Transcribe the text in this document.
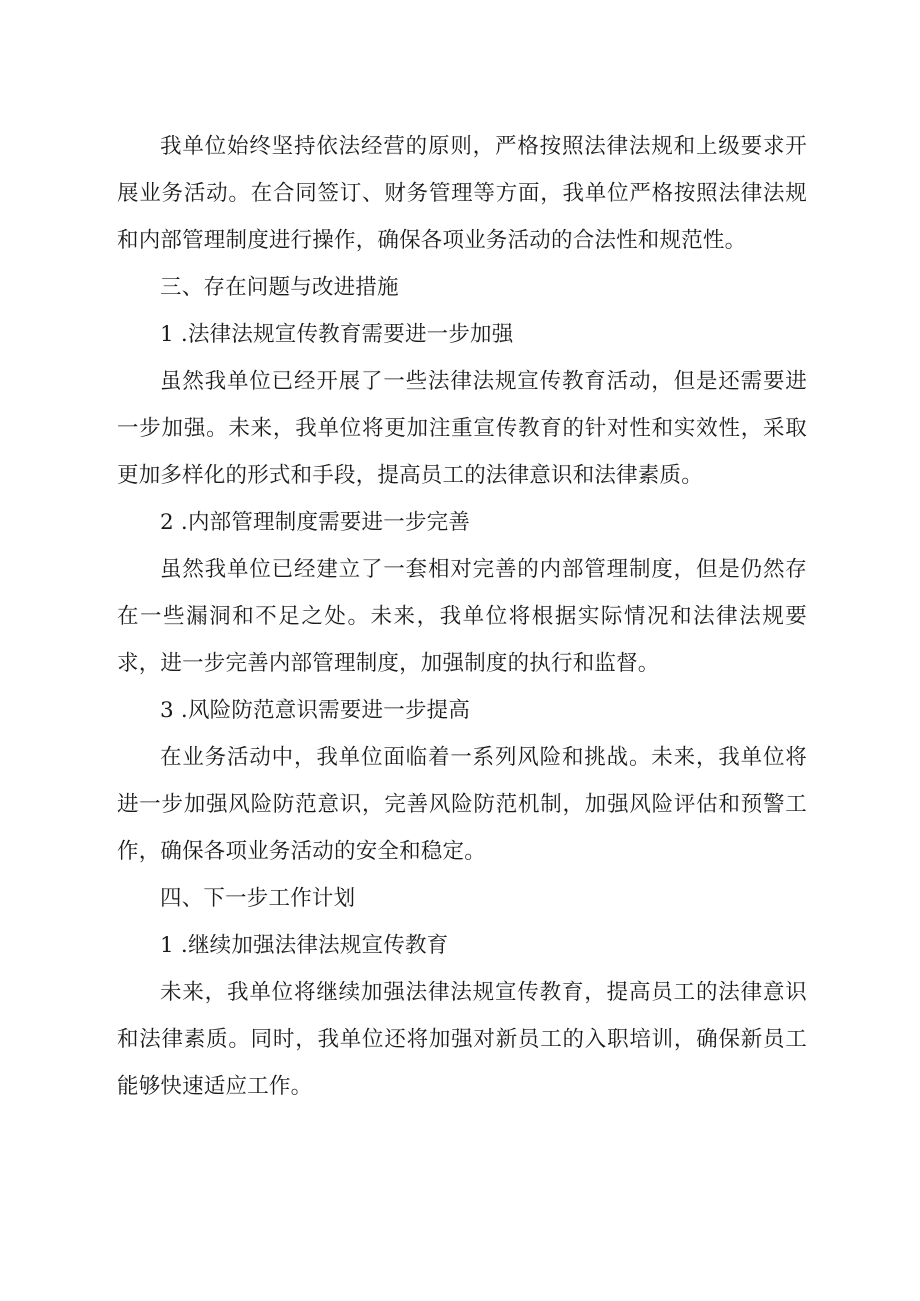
我单位始终坚持依法经营的原则，严格按照法律法规和上级要求开展业务活动。在合同签订、财务管理等方面，我单位严格按照法律法规和内部管理制度进行操作，确保各项业务活动的合法性和规范性。

三、存在问题与改进措施

1 .法律法规宣传教育需要进一步加强

虽然我单位已经开展了一些法律法规宣传教育活动，但是还需要进一步加强。未来，我单位将更加注重宣传教育的针对性和实效性，采取更加多样化的形式和手段，提高员工的法律意识和法律素质。

2 .内部管理制度需要进一步完善

虽然我单位已经建立了一套相对完善的内部管理制度，但是仍然存在一些漏洞和不足之处。未来，我单位将根据实际情况和法律法规要求，进一步完善内部管理制度，加强制度的执行和监督。

3 .风险防范意识需要进一步提高

在业务活动中，我单位面临着一系列风险和挑战。未来，我单位将进一步加强风险防范意识，完善风险防范机制，加强风险评估和预警工作，确保各项业务活动的安全和稳定。

四、下一步工作计划

1 .继续加强法律法规宣传教育

未来，我单位将继续加强法律法规宣传教育，提高员工的法律意识和法律素质。同时，我单位还将加强对新员工的入职培训，确保新员工能够快速适应工作。
